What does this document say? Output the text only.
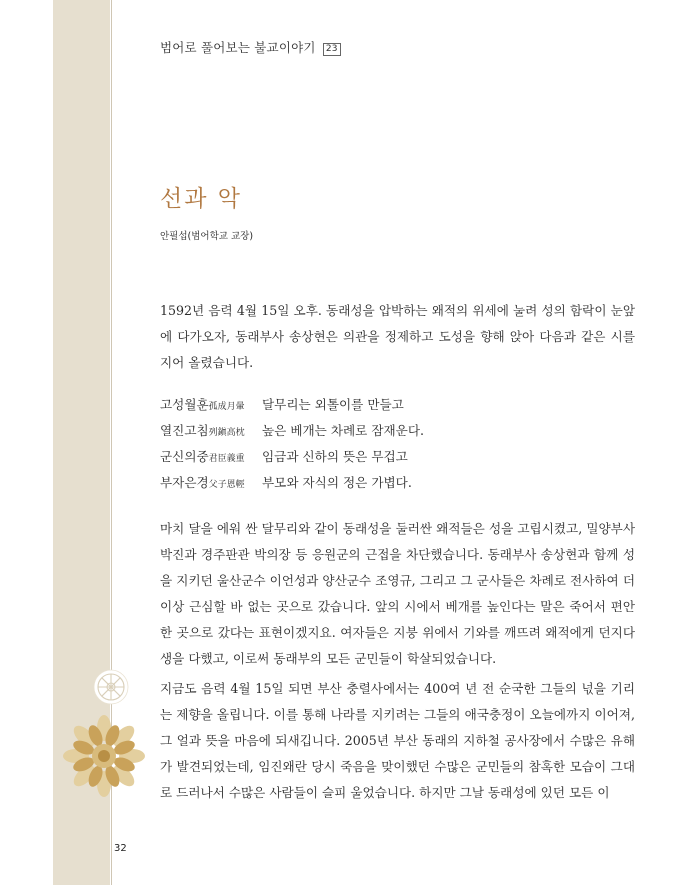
범어로 풀어보는 불교이야기 23
선과 악
안필섭(범어학교 교장)

1592년 음력 4월 15일 오후. 동래성을 압박하는 왜적의 위세에 눌려 성의 함락이 눈앞에 다가오자, 동래부사 송상현은 의관을 정제하고 도성을 향해 앉아 다음과 같은 시를 지어 올렸습니다.

고성월훈孤成月暈	달무리는 외톨이를 만들고
열진고침列鎭高枕	높은 베개는 차례로 잠재운다.
군신의중君臣義重	임금과 신하의 뜻은 무겁고
부자은경父子恩輕	부모와 자식의 정은 가볍다.

마치 달을 에워 싼 달무리와 같이 동래성을 둘러싼 왜적들은 성을 고립시켰고, 밀양부사 박진과 경주판관 박의장 등 응원군의 근접을 차단했습니다. 동래부사 송상현과 함께 성을 지키던 울산군수 이언성과 양산군수 조영규, 그리고 그 군사들은 차례로 전사하여 더 이상 근심할 바 없는 곳으로 갔습니다. 앞의 시에서 베개를 높인다는 말은 죽어서 편안한 곳으로 갔다는 표현이겠지요. 여자들은 지붕 위에서 기와를 깨뜨려 왜적에게 던지다 생을 다했고, 이로써 동래부의 모든 군민들이 학살되었습니다.

지금도 음력 4월 15일 되면 부산 충렬사에서는 400여 년 전 순국한 그들의 넋을 기리는 제향을 올립니다. 이를 통해 나라를 지키려는 그들의 애국충정이 오늘에까지 이어져, 그 얼과 뜻을 마음에 되새깁니다. 2005년 부산 동래의 지하철 공사장에서 수많은 유해가 발견되었는데, 임진왜란 당시 죽음을 맞이했던 수많은 군민들의 참혹한 모습이 그대로 드러나서 수많은 사람들이 슬피 울었습니다. 하지만 그날 동래성에 있던 모든 이

32
